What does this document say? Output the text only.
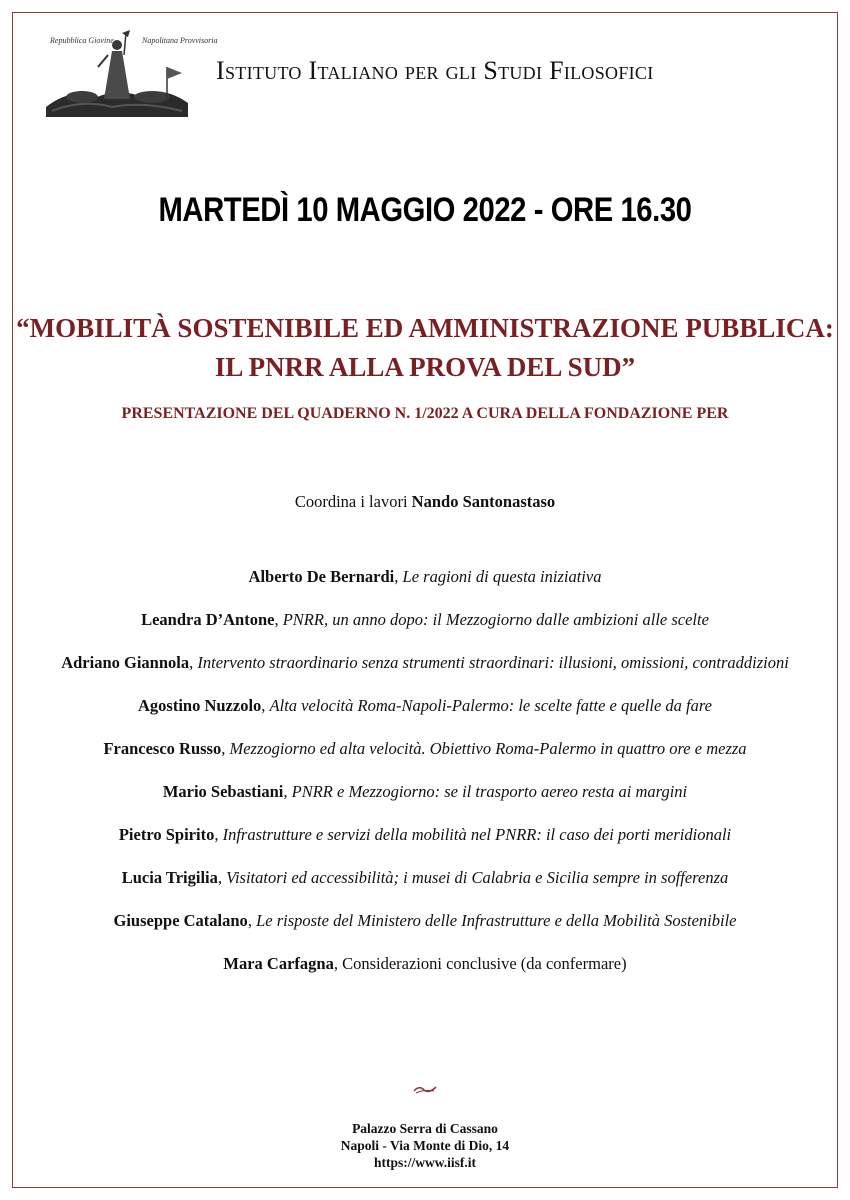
Repubblica Giovine	Napolitana Provvisoria
Istituto Italiano per gli Studi Filosofici
MARTEDÌ 10 MAGGIO 2022 - ORE 16.30
“MOBILITÀ SOSTENIBILE ED AMMINISTRAZIONE PUBBLICA:
IL PNRR ALLA PROVA DEL SUD”
PRESENTAZIONE DEL QUADERNO N. 1/2022 A CURA DELLA FONDAZIONE PER
Coordina i lavori Nando Santonastaso
Alberto De Bernardi, Le ragioni di questa iniziativa
Leandra D’Antone, PNRR, un anno dopo: il Mezzogiorno dalle ambizioni alle scelte
Adriano Giannola, Intervento straordinario senza strumenti straordinari: illusioni, omissioni, contraddizioni
Agostino Nuzzolo, Alta velocità Roma-Napoli-Palermo: le scelte fatte e quelle da fare
Francesco Russo, Mezzogiorno ed alta velocità. Obiettivo Roma-Palermo in quattro ore e mezza
Mario Sebastiani, PNRR e Mezzogiorno: se il trasporto aereo resta ai margini
Pietro Spirito, Infrastrutture e servizi della mobilità nel PNRR: il caso dei porti meridionali
Lucia Trigilia, Visitatori ed accessibilità; i musei di Calabria e Sicilia sempre in sofferenza
Giuseppe Catalano, Le risposte del Ministero delle Infrastrutture e della Mobilità Sostenibile
Mara Carfagna, Considerazioni conclusive (da confermare)
Palazzo Serra di Cassano
Napoli - Via Monte di Dio, 14
https://www.iisf.it
